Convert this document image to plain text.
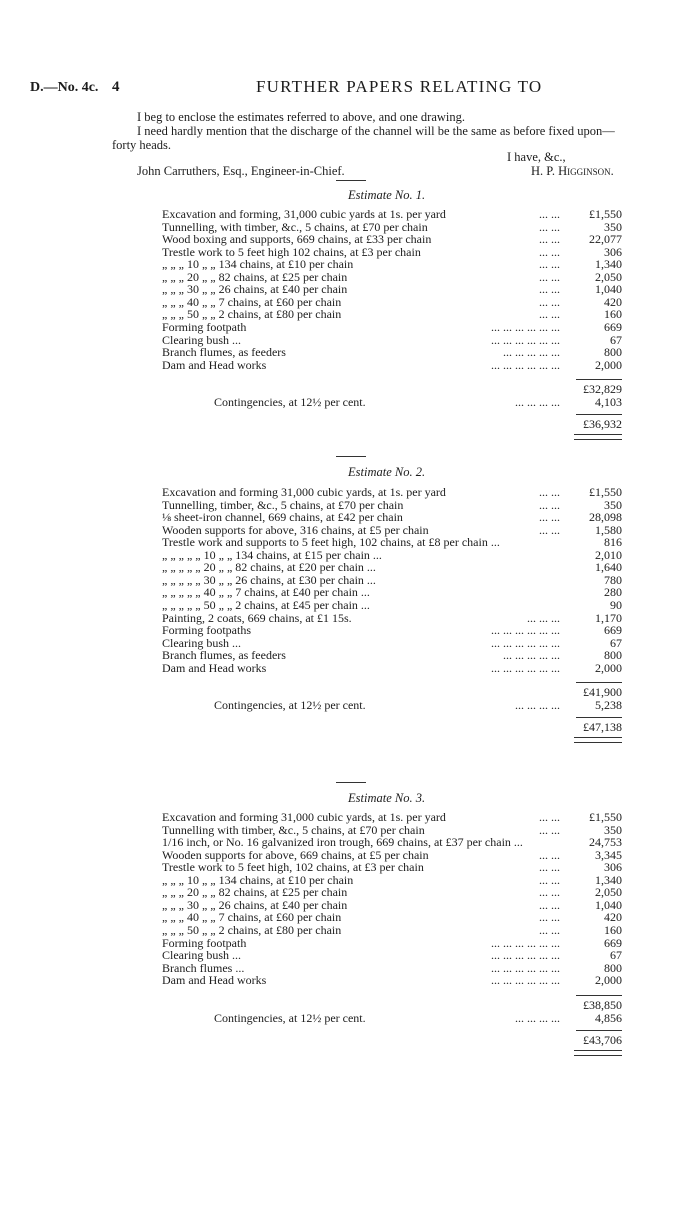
D.—No. 4c. 4	FURTHER PAPERS RELATING TO
I beg to enclose the estimates referred to above, and one drawing.
I need hardly mention that the discharge of the channel will be the same as before fixed upon—
forty heads.
I have, &c.,
John Carruthers, Esq., Engineer-in-Chief.	H. P. Higginson.
Estimate No. 1.
Excavation and forming, 31,000 cubic yards at 1s. per yard	... ... £1,550
Tunnelling, with timber, &c., 5 chains, at £70 per chain	... ...	350
Wood boxing and supports, 669 chains, at £33 per chain	... ... 22,077
Trestle work to 5 feet high 102 chains, at £3 per chain	... ...	306
„ „ „ 10 „ „ 134 chains, at £10 per chain	... ...	1,340
„ „ „ 20 „ „ 82 chains, at £25 per chain	... ...	2,050
„ „ „ 30 „ „ 26 chains, at £40 per chain	... ...	1,040
„ „ „ 40 „ „ 7 chains, at £60 per chain	... ...	420
„ „ „ 50 „ „ 2 chains, at £80 per chain	... ...	160
Forming footpath	... ... ... ... ... ...	669
Clearing bush ...	... ... ... ... ... ...	67
Branch flumes, as feeders	... ... ... ... ...	800
Dam and Head works	... ... ... ... ... ...	2,000
£32,829
Contingencies, at 12½ per cent.	... ... ... ...	4,103
£36,932
Estimate No. 2.
Excavation and forming 31,000 cubic yards, at 1s. per yard	... ... £1,550
Tunnelling, timber, &c., 5 chains, at £70 per chain	... ...	350
⅛ sheet-iron channel, 669 chains, at £42 per chain	... ... 28,098
Wooden supports for above, 316 chains, at £5 per chain	... ...	1,580
Trestle work and supports to 5 feet high, 102 chains, at £8 per chain ...	816
„ „ „ „ „ 10 „ „ 134 chains, at £15 per chain ...	2,010
„ „ „ „ „ 20 „ „ 82 chains, at £20 per chain ...	1,640
„ „ „ „ „ 30 „ „ 26 chains, at £30 per chain ...	780
„ „ „ „ „ 40 „ „ 7 chains, at £40 per chain ...	280
„ „ „ „ „ 50 „ „ 2 chains, at £45 per chain ...	90
Painting, 2 coats, 669 chains, at £1 15s.	... ... ...	1,170
Forming footpaths	... ... ... ... ... ...	669
Clearing bush ...	... ... ... ... ... ...	67
Branch flumes, as feeders	... ... ... ... ...	800
Dam and Head works	... ... ... ... ... ...	2,000
£41,900
Contingencies, at 12½ per cent.	... ... ... ...	5,238
£47,138
Estimate No. 3.
Excavation and forming 31,000 cubic yards, at 1s. per yard	... ... £1,550
Tunnelling with timber, &c., 5 chains, at £70 per chain	... ...	350
1/16 inch, or No. 16 galvanized iron trough, 669 chains, at £37 per chain ...	24,753
Wooden supports for above, 669 chains, at £5 per chain	... ...	3,345
Trestle work to 5 feet high, 102 chains, at £3 per chain	... ...	306
„ „ „ 10 „ „ 134 chains, at £10 per chain	... ...	1,340
„ „ „ 20 „ „ 82 chains, at £25 per chain	... ...	2,050
„ „ „ 30 „ „ 26 chains, at £40 per chain	... ...	1,040
„ „ „ 40 „ „ 7 chains, at £60 per chain	... ...	420
„ „ „ 50 „ „ 2 chains, at £80 per chain	... ...	160
Forming footpath	... ... ... ... ... ...	669
Clearing bush ...	... ... ... ... ... ...	67
Branch flumes ...	... ... ... ... ... ...	800
Dam and Head works	... ... ... ... ... ...	2,000
£38,850
Contingencies, at 12½ per cent.	... ... ... ...	4,856
£43,706
